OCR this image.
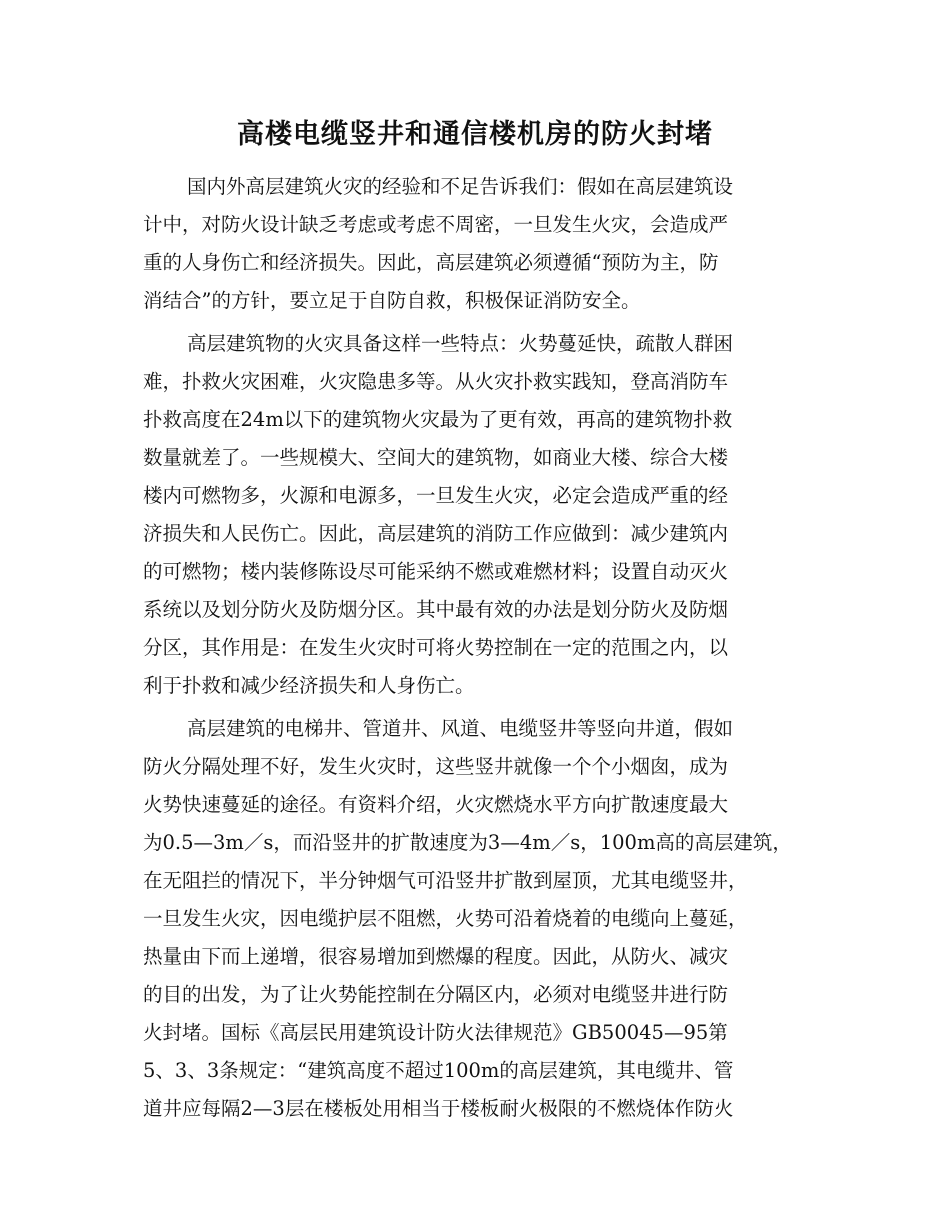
高楼电缆竖井和通信楼机房的防火封堵

国内外高层建筑火灾的经验和不足告诉我们：假如在高层建筑设
计中，对防火设计缺乏考虑或考虑不周密，一旦发生火灾，会造成严
重的人身伤亡和经济损失。因此，高层建筑必须遵循“预防为主，防
消结合”的方针，要立足于自防自救，积极保证消防安全。

高层建筑物的火灾具备这样一些特点：火势蔓延快，疏散人群困
难，扑救火灾困难，火灾隐患多等。从火灾扑救实践知，登高消防车
扑救高度在24m以下的建筑物火灾最为了更有效，再高的建筑物扑救
数量就差了。一些规模大、空间大的建筑物，如商业大楼、综合大楼
楼内可燃物多，火源和电源多，一旦发生火灾，必定会造成严重的经
济损失和人民伤亡。因此，高层建筑的消防工作应做到：减少建筑内
的可燃物；楼内装修陈设尽可能采纳不燃或难燃材料；设置自动灭火
系统以及划分防火及防烟分区。其中最有效的办法是划分防火及防烟
分区，其作用是：在发生火灾时可将火势控制在一定的范围之内，以
利于扑救和减少经济损失和人身伤亡。

高层建筑的电梯井、管道井、风道、电缆竖井等竖向井道，假如
防火分隔处理不好，发生火灾时，这些竖井就像一个个小烟囱，成为
火势快速蔓延的途径。有资料介绍，火灾燃烧水平方向扩散速度最大
为0.5—3m／s，而沿竖井的扩散速度为3—4m／s，100m高的高层建筑，
在无阻拦的情况下，半分钟烟气可沿竖井扩散到屋顶，尤其电缆竖井，
一旦发生火灾，因电缆护层不阻燃，火势可沿着烧着的电缆向上蔓延，
热量由下而上递增，很容易增加到燃爆的程度。因此，从防火、减灾
的目的出发，为了让火势能控制在分隔区内，必须对电缆竖井进行防
火封堵。国标《高层民用建筑设计防火法律规范》GB50045—95第
5、3、3条规定：“建筑高度不超过100m的高层建筑，其电缆井、管
道井应每隔2—3层在楼板处用相当于楼板耐火极限的不燃烧体作防火
